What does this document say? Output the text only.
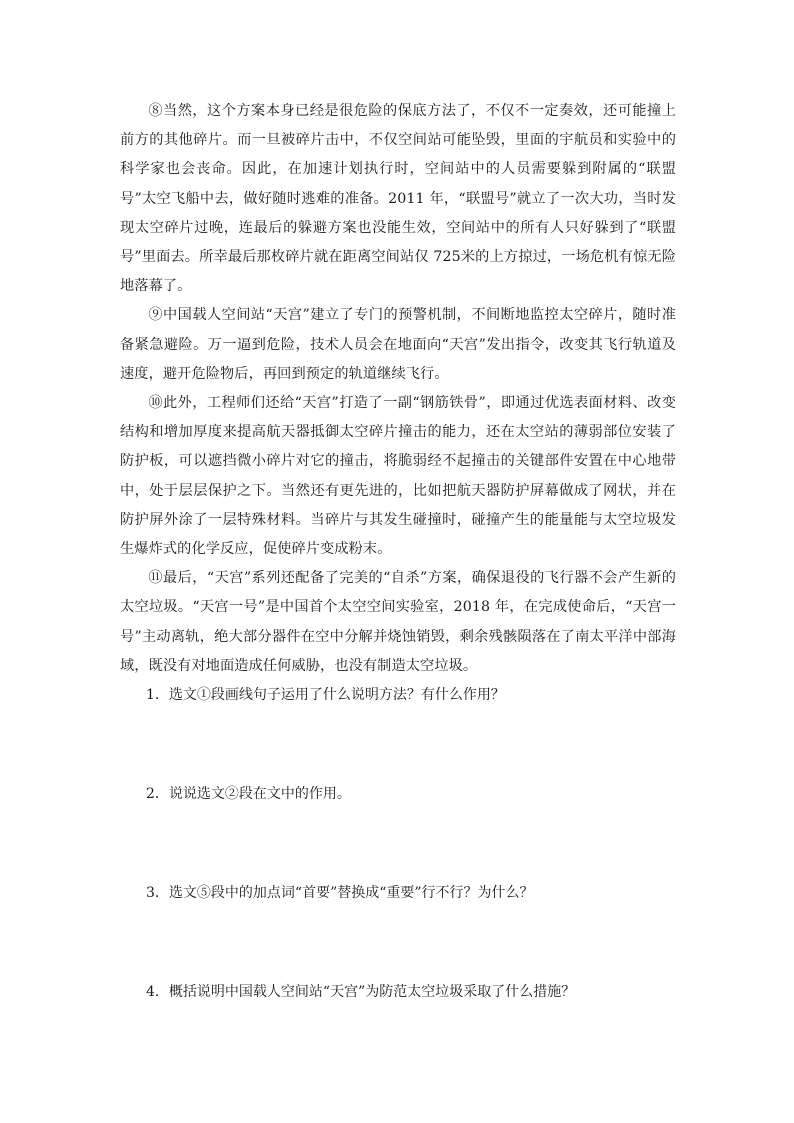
⑧当然，这个方案本身已经是很危险的保底方法了，不仅不一定奏效，还可能撞上前方的其他碎片。而一旦被碎片击中，不仅空间站可能坠毁，里面的宇航员和实验中的科学家也会丧命。因此，在加速计划执行时，空间站中的人员需要躲到附属的“联盟号”太空飞船中去，做好随时逃难的准备。2011 年，“联盟号”就立了一次大功，当时发现太空碎片过晚，连最后的躲避方案也没能生效，空间站中的所有人只好躲到了“联盟号”里面去。所幸最后那枚碎片就在距离空间站仅 725米的上方掠过，一场危机有惊无险地落幕了。

⑨中国载人空间站“天宫”建立了专门的预警机制，不间断地监控太空碎片，随时准备紧急避险。万一逼到危险，技术人员会在地面向“天宫”发出指令，改变其飞行轨道及速度，避开危险物后，再回到预定的轨道继续飞行。

⑩此外，工程师们还给“天宫”打造了一副“钢筋铁骨”，即通过优选表面材料、改变结构和增加厚度来提高航天器抵御太空碎片撞击的能力，还在太空站的薄弱部位安装了防护板，可以遮挡微小碎片对它的撞击，将脆弱经不起撞击的关键部件安置在中心地带中，处于层层保护之下。当然还有更先进的，比如把航天器防护屏幕做成了网状，并在防护屏外涂了一层特殊材料。当碎片与其发生碰撞时，碰撞产生的能量能与太空垃圾发生爆炸式的化学反应，促使碎片变成粉末。

⑪最后，“天宫”系列还配备了完美的“自杀”方案，确保退役的飞行器不会产生新的太空垃圾。“天宫一号”是中国首个太空空间实验室，2018 年，在完成使命后，“天宫一号”主动离轨，绝大部分器件在空中分解并烧蚀销毁，剩余残骸陨落在了南太平洋中部海域，既没有对地面造成任何威胁，也没有制造太空垃圾。

1．选文①段画线句子运用了什么说明方法？有什么作用？

2．说说选文②段在文中的作用。

3．选文⑤段中的加点词“首要”替换成“重要”行不行？为什么？

4．概括说明中国载人空间站“天宫”为防范太空垃圾采取了什么措施？
